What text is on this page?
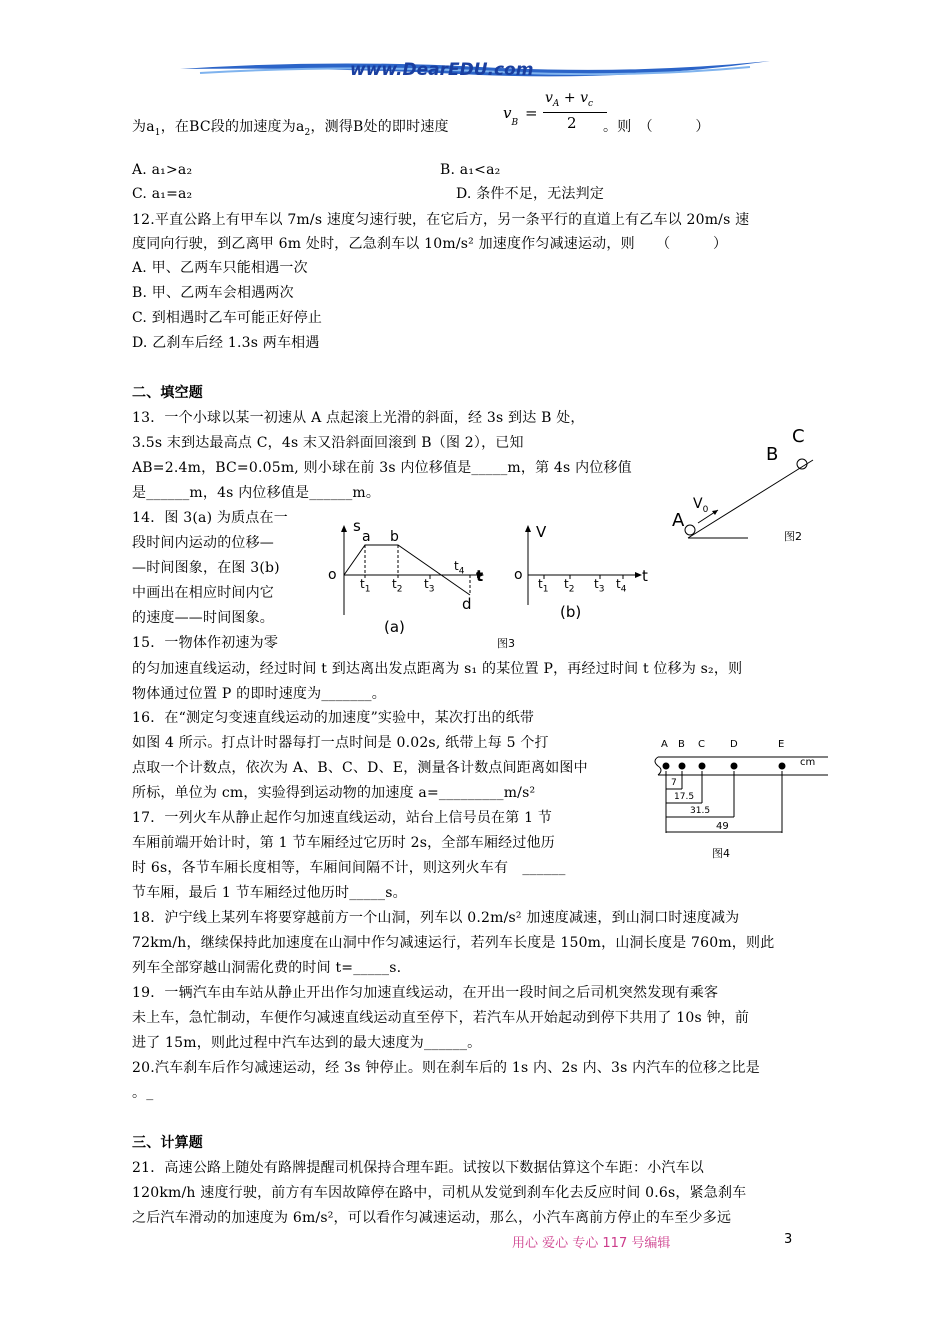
www.DearEDU.com
$v_B$
=
$v_A + v_c$
2
为$a_1$，在BC段的加速度为$a_2$，测得B处的即时速度	。则　（　　　）
A. a₁>a₂	B. a₁<a₂
C. a₁=a₂	D. 条件不足，无法判定
12.平直公路上有甲车以 7m/s 速度匀速行驶，在它后方，另一条平行的直道上有乙车以 20m/s 速
度同向行驶，到乙离甲 6m 处时，乙急刹车以 10m/s² 加速度作匀减速运动，则　　（　　　）
A. 甲、乙两车只能相遇一次
B. 甲、乙两车会相遇两次
C. 到相遇时乙车可能正好停止
D. 乙刹车后经 1.3s 两车相遇
二、填空题
13．一个小球以某一初速从 A 点起滚上光滑的斜面，经 3s 到达 B 处，
3.5s 末到达最高点 C，4s 末又沿斜面回滚到 B（图 2），已知
AB=2.4m，BC=0.05m, 则小球在前 3s 内位移值是_____m，第 4s 内位移值
是______m，4s 内位移值是______m。
A
B
C
$V_0$
图2
14．图 3(a) 为质点在一
段时间内运动的位移—
—时间图象，在图 3(b)
中画出在相应时间内它
的速度——时间图象。
s
a b
o
$t_1$ $t_2$ $t_3$
$t_4$ t
d
(a)
V
o
$t_1$ $t_2$ $t_3$ $t_4$
t
(b)
图3
15．一物体作初速为零
的匀加速直线运动，经过时间 t 到达离出发点距离为 s₁ 的某位置 P，再经过时间 t 位移为 s₂，则
物体通过位置 P 的即时速度为_______。
16．在“测定匀变速直线运动的加速度”实验中，某次打出的纸带
如图 4 所示。打点计时器每打一点时间是 0.02s, 纸带上每 5 个打
点取一个计数点，依次为 A、B、C、D、E，测量各计数点间距离如图中
所标，单位为 cm，实验得到运动物的加速度 a=_________m/s²
A B C	D	E
cm
7
17.5
31.5
49
图4
17．一列火车从静止起作匀加速直线运动，站台上信号员在第 1 节
车厢前端开始计时，第 1 节车厢经过它历时 2s，全部车厢经过他历
时 6s，各节车厢长度相等，车厢间间隔不计，则这列火车有　______
节车厢，最后 1 节车厢经过他历时_____s。
18．沪宁线上某列车将要穿越前方一个山洞，列车以 0.2m/s² 加速度减速，到山洞口时速度减为
72km/h，继续保持此加速度在山洞中作匀减速运行，若列车长度是 150m，山洞长度是 760m，则此
列车全部穿越山洞需化费的时间 t=_____s.
19．一辆汽车由车站从静止开出作匀加速直线运动，在开出一段时间之后司机突然发现有乘客
未上车，急忙制动，车便作匀减速直线运动直至停下，若汽车从开始起动到停下共用了 10s 钟，前
进了 15m，则此过程中汽车达到的最大速度为______。
20.汽车刹车后作匀减速运动，经 3s 钟停止。则在刹车后的 1s 内、2s 内、3s 内汽车的位移之比是
。_
三、计算题
21．高速公路上随处有路牌提醒司机保持合理车距。试按以下数据估算这个车距：小汽车以
120km/h 速度行驶，前方有车因故障停在路中，司机从发觉到刹车化去反应时间 0.6s，紧急刹车
之后汽车滑动的加速度为 6m/s²，可以看作匀减速运动，那么，小汽车离前方停止的车至少多远
用心 爱心 专心 117 号编辑	3
